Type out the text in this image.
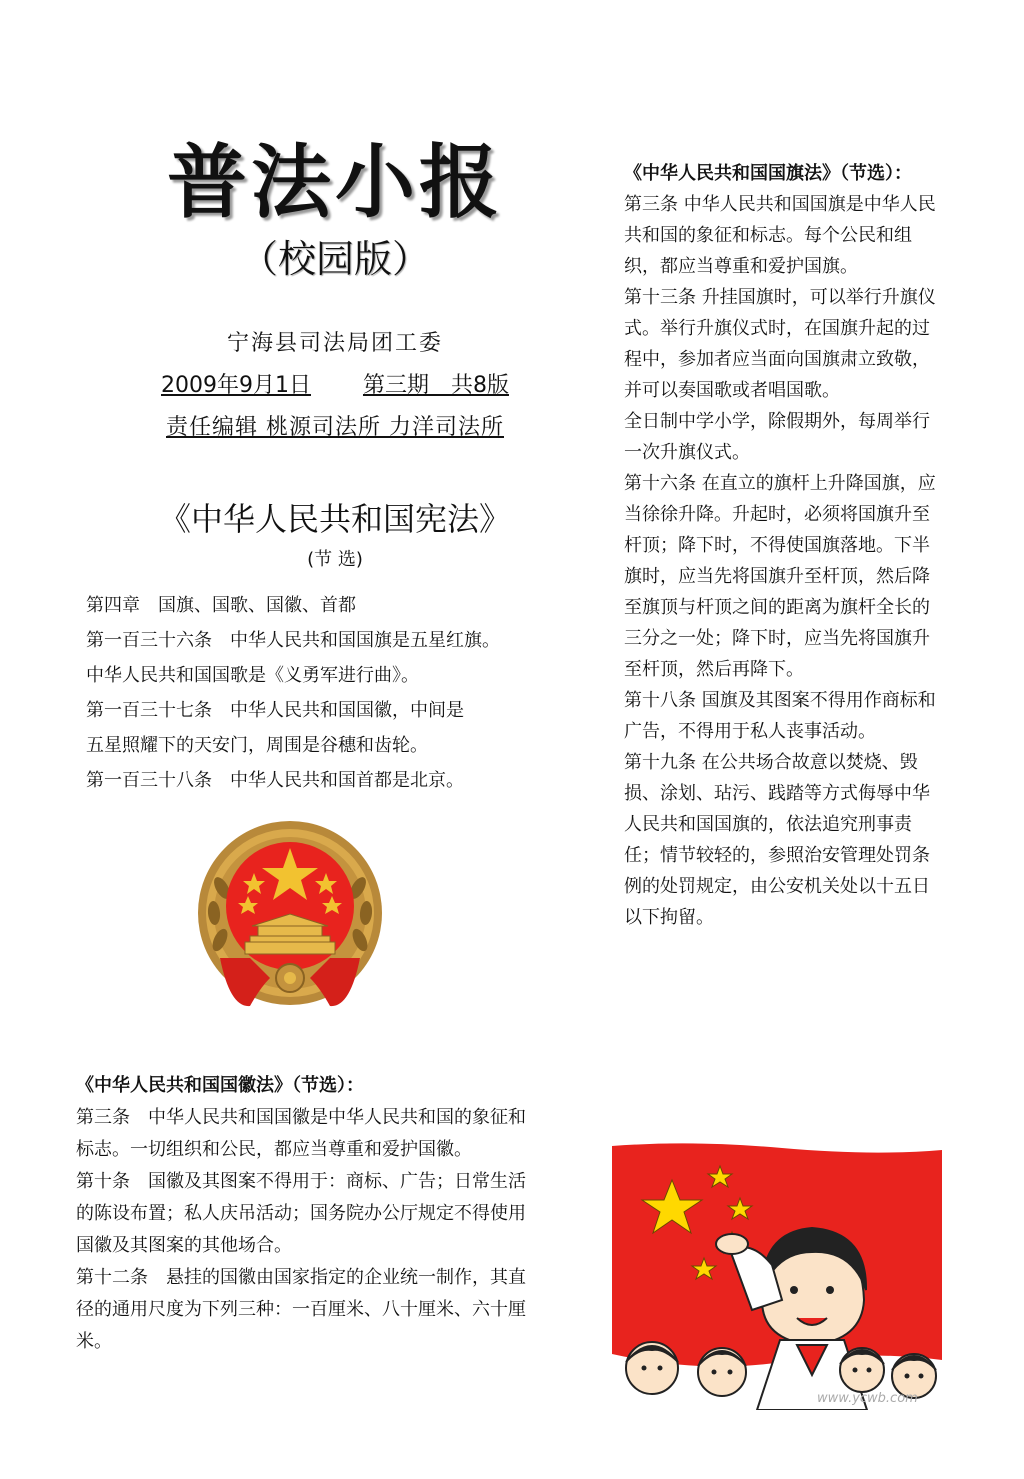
普法小报
（校园版）
宁海县司法局团工委
2009年9月1日 第三期　共8版
责任编辑 桃源司法所 力洋司法所
《中华人民共和国宪法》
(节 选)

第四章　国旗、国歌、国徽、首都

第一百三十六条　中华人民共和国国旗是五星红旗。

中华人民共和国国歌是《义勇军进行曲》。

第一百三十七条　中华人民共和国国徽，中间是

五星照耀下的天安门，周围是谷穗和齿轮。

第一百三十八条　中华人民共和国首都是北京。

《中华人民共和国国徽法》（节选）：

第三条　中华人民共和国国徽是中华人民共和国的象征和标志。一切组织和公民，都应当尊重和爱护国徽。

第十条　国徽及其图案不得用于：商标、广告；日常生活的陈设布置；私人庆吊活动；国务院办公厅规定不得使用国徽及其图案的其他场合。

第十二条　悬挂的国徽由国家指定的企业统一制作，其直径的通用尺度为下列三种：一百厘米、八十厘米、六十厘米。

《中华人民共和国国旗法》（节选）：

第三条 中华人民共和国国旗是中华人民共和国的象征和标志。每个公民和组织，都应当尊重和爱护国旗。

第十三条 升挂国旗时，可以举行升旗仪式。举行升旗仪式时，在国旗升起的过程中，参加者应当面向国旗肃立致敬，并可以奏国歌或者唱国歌。

全日制中学小学，除假期外，每周举行一次升旗仪式。

第十六条 在直立的旗杆上升降国旗，应当徐徐升降。升起时，必须将国旗升至杆顶；降下时，不得使国旗落地。下半旗时，应当先将国旗升至杆顶，然后降至旗顶与杆顶之间的距离为旗杆全长的三分之一处；降下时，应当先将国旗升至杆顶，然后再降下。

第十八条 国旗及其图案不得用作商标和广告，不得用于私人丧事活动。

第十九条 在公共场合故意以焚烧、毁损、涂划、玷污、践踏等方式侮辱中华人民共和国国旗的，依法追究刑事责任；情节较轻的，参照治安管理处罚条例的处罚规定，由公安机关处以十五日以下拘留。

www.ycwb.com
